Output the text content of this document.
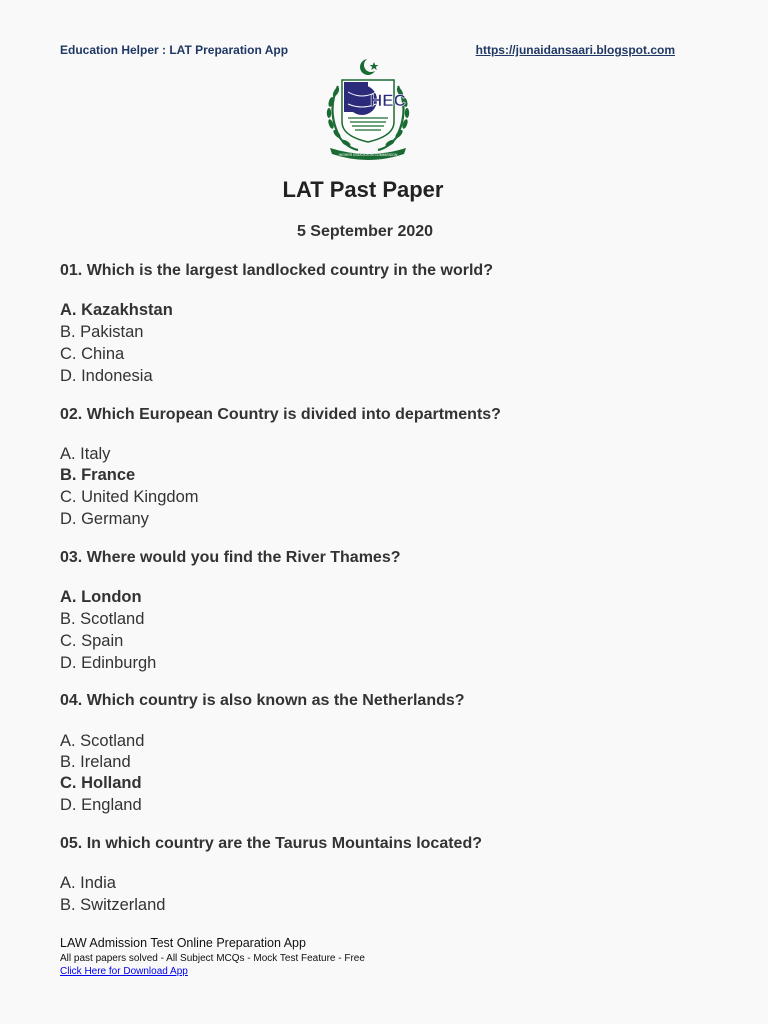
Education Helper : LAT Preparation App	https://junaidansaari.blogspot.com
HEC
HIGHER EDUCATION COMMISSION
LAT Past Paper
5 September 2020
01. Which is the largest landlocked country in the world?
A. Kazakhstan
B. Pakistan
C. China
D. Indonesia
02. Which European Country is divided into departments?
A. Italy
B. France
C. United Kingdom
D. Germany
03. Where would you find the River Thames?
A. London
B. Scotland
C. Spain
D. Edinburgh
04. Which country is also known as the Netherlands?
A. Scotland
B. Ireland
C. Holland
D. England
05. In which country are the Taurus Mountains located?
A. India
B. Switzerland
LAW Admission Test Online Preparation App
All past papers solved - All Subject MCQs - Mock Test Feature - Free
Click Here for Download App
